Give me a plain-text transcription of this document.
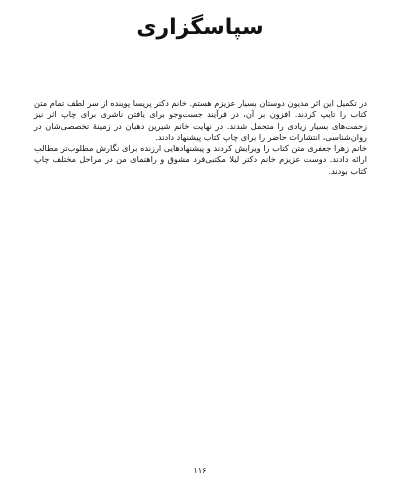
سپاسگزاری

در تکمیل این اثر مدیون دوستان بسیار عزیزم هستم. خانم دکتر پریسا پوینده از سر لطف تمام متن کتاب را تایپ کردند. افزون بر آن، در فرآیند جست‌وجو برای یافتن ناشری برای چاپ اثر نیز زحمت‌های بسیار زیادی را متحمل شدند. در نهایت خانم شیرین دهبان در زمینهٔ تخصصی‌شان در روان‌شناسی، انتشارات حاضر را برای چاپ کتاب پیشنهاد دادند.

خانم زهرا جعفری متن کتاب را ویرایش کردند و پیشنهادهایی ارزنده برای نگارش مطلوب‌تر مطالب ارائه دادند. دوست عزیزم خانم دکتر لیلا مکتبی‌فرد مشوق و راهنمای من در مراحل مختلف چاپ کتاب بودند.

۱۱۶
